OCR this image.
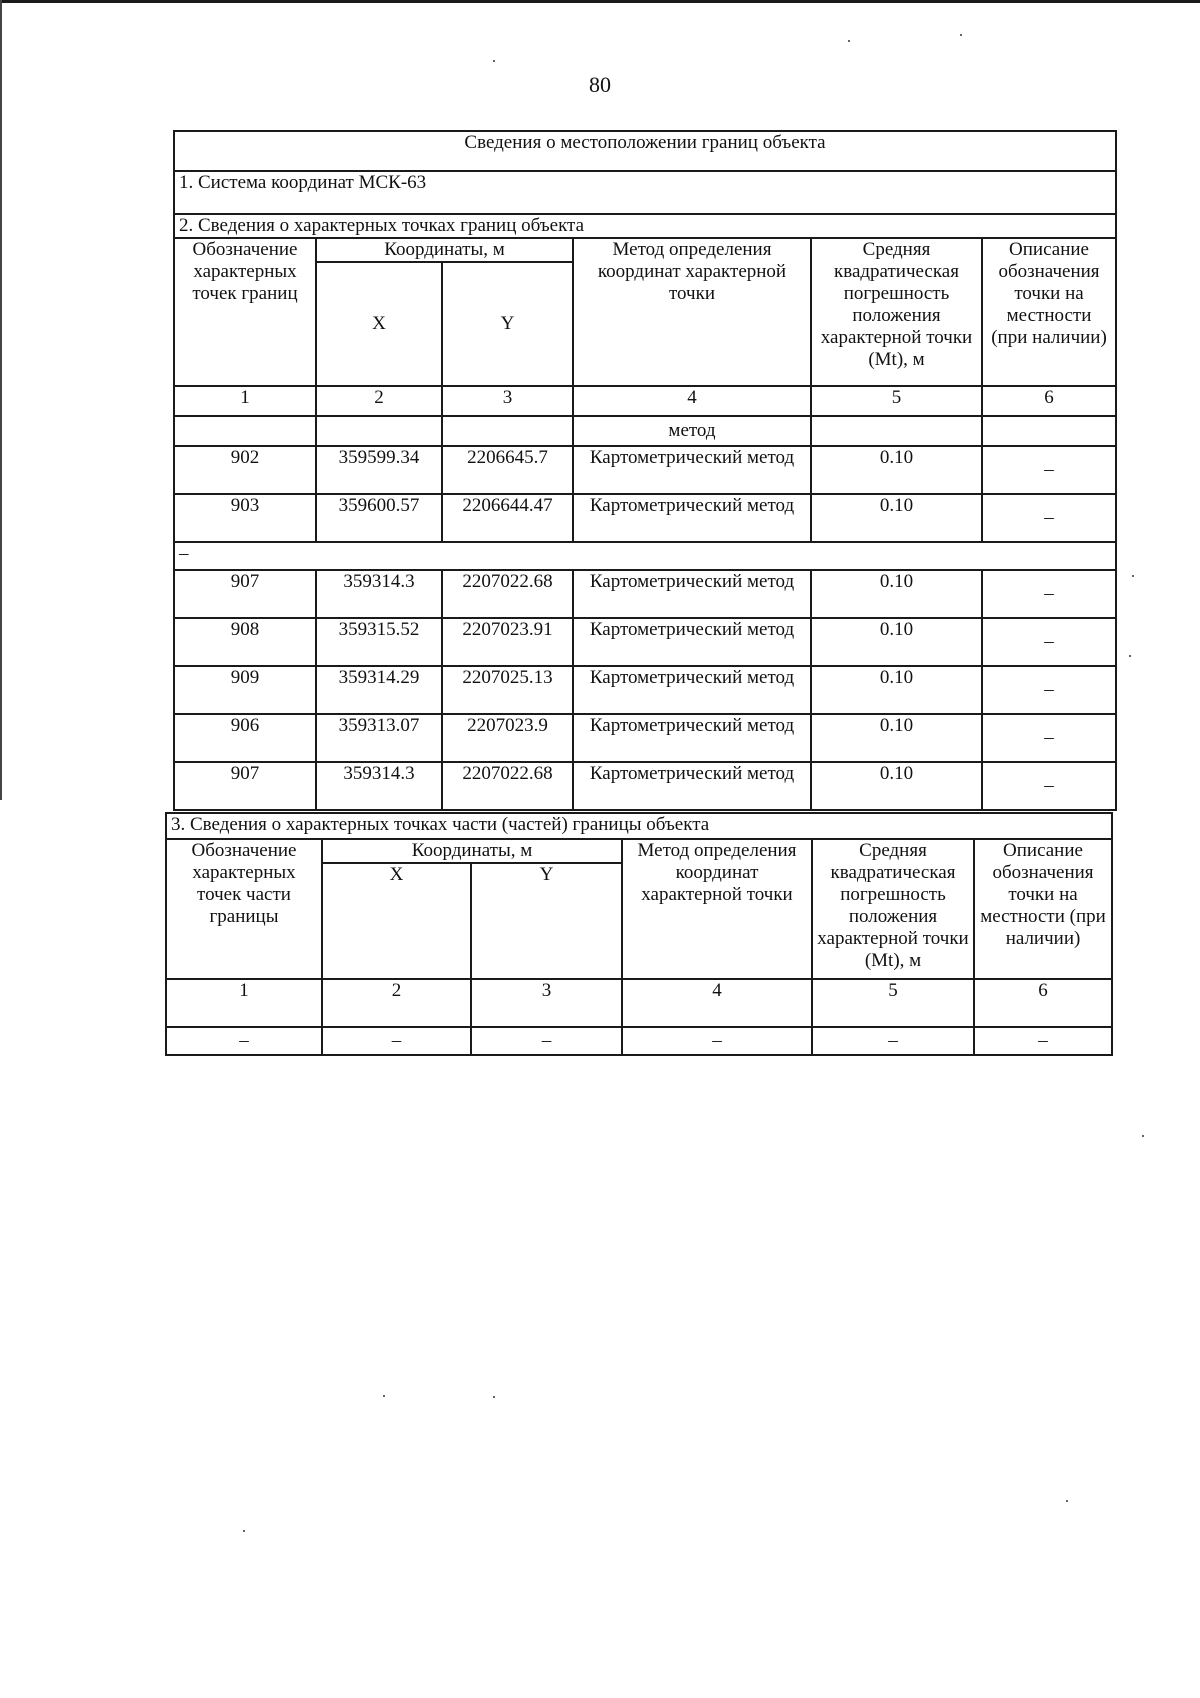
80
Сведения о местоположении границ объекта					
1. Система координат МСК-63					
2. Сведения о характерных точках границ объекта					
Обозначение характерных точек границ	Координаты, м		Метод определения координат характерной точки	Средняя квадратическая погрешность положения характерной точки (Mt), м	Описание обозначения точки на местности (при наличии)
	X	Y			
1	2	3	4	5	6
			метод		
902	359599.34	2206645.7	Картометрический метод	0.10	–
903	359600.57	2206644.47	Картометрический метод	0.10	–
–					
907	359314.3	2207022.68	Картометрический метод	0.10	–
908	359315.52	2207023.91	Картометрический метод	0.10	–
909	359314.29	2207025.13	Картометрический метод	0.10	–
906	359313.07	2207023.9	Картометрический метод	0.10	–
907	359314.3	2207022.68	Картометрический метод	0.10	–
3. Сведения о характерных точках части (частей) границы объекта					
Обозначение характерных точек части границы	Координаты, м		Метод определения координат характерной точки	Средняя квадратическая погрешность положения характерной точки (Mt), м	Описание обозначения точки на местности (при наличии)
	X	Y			
1	2	3	4	5	6
–	–	–	–	–	–
